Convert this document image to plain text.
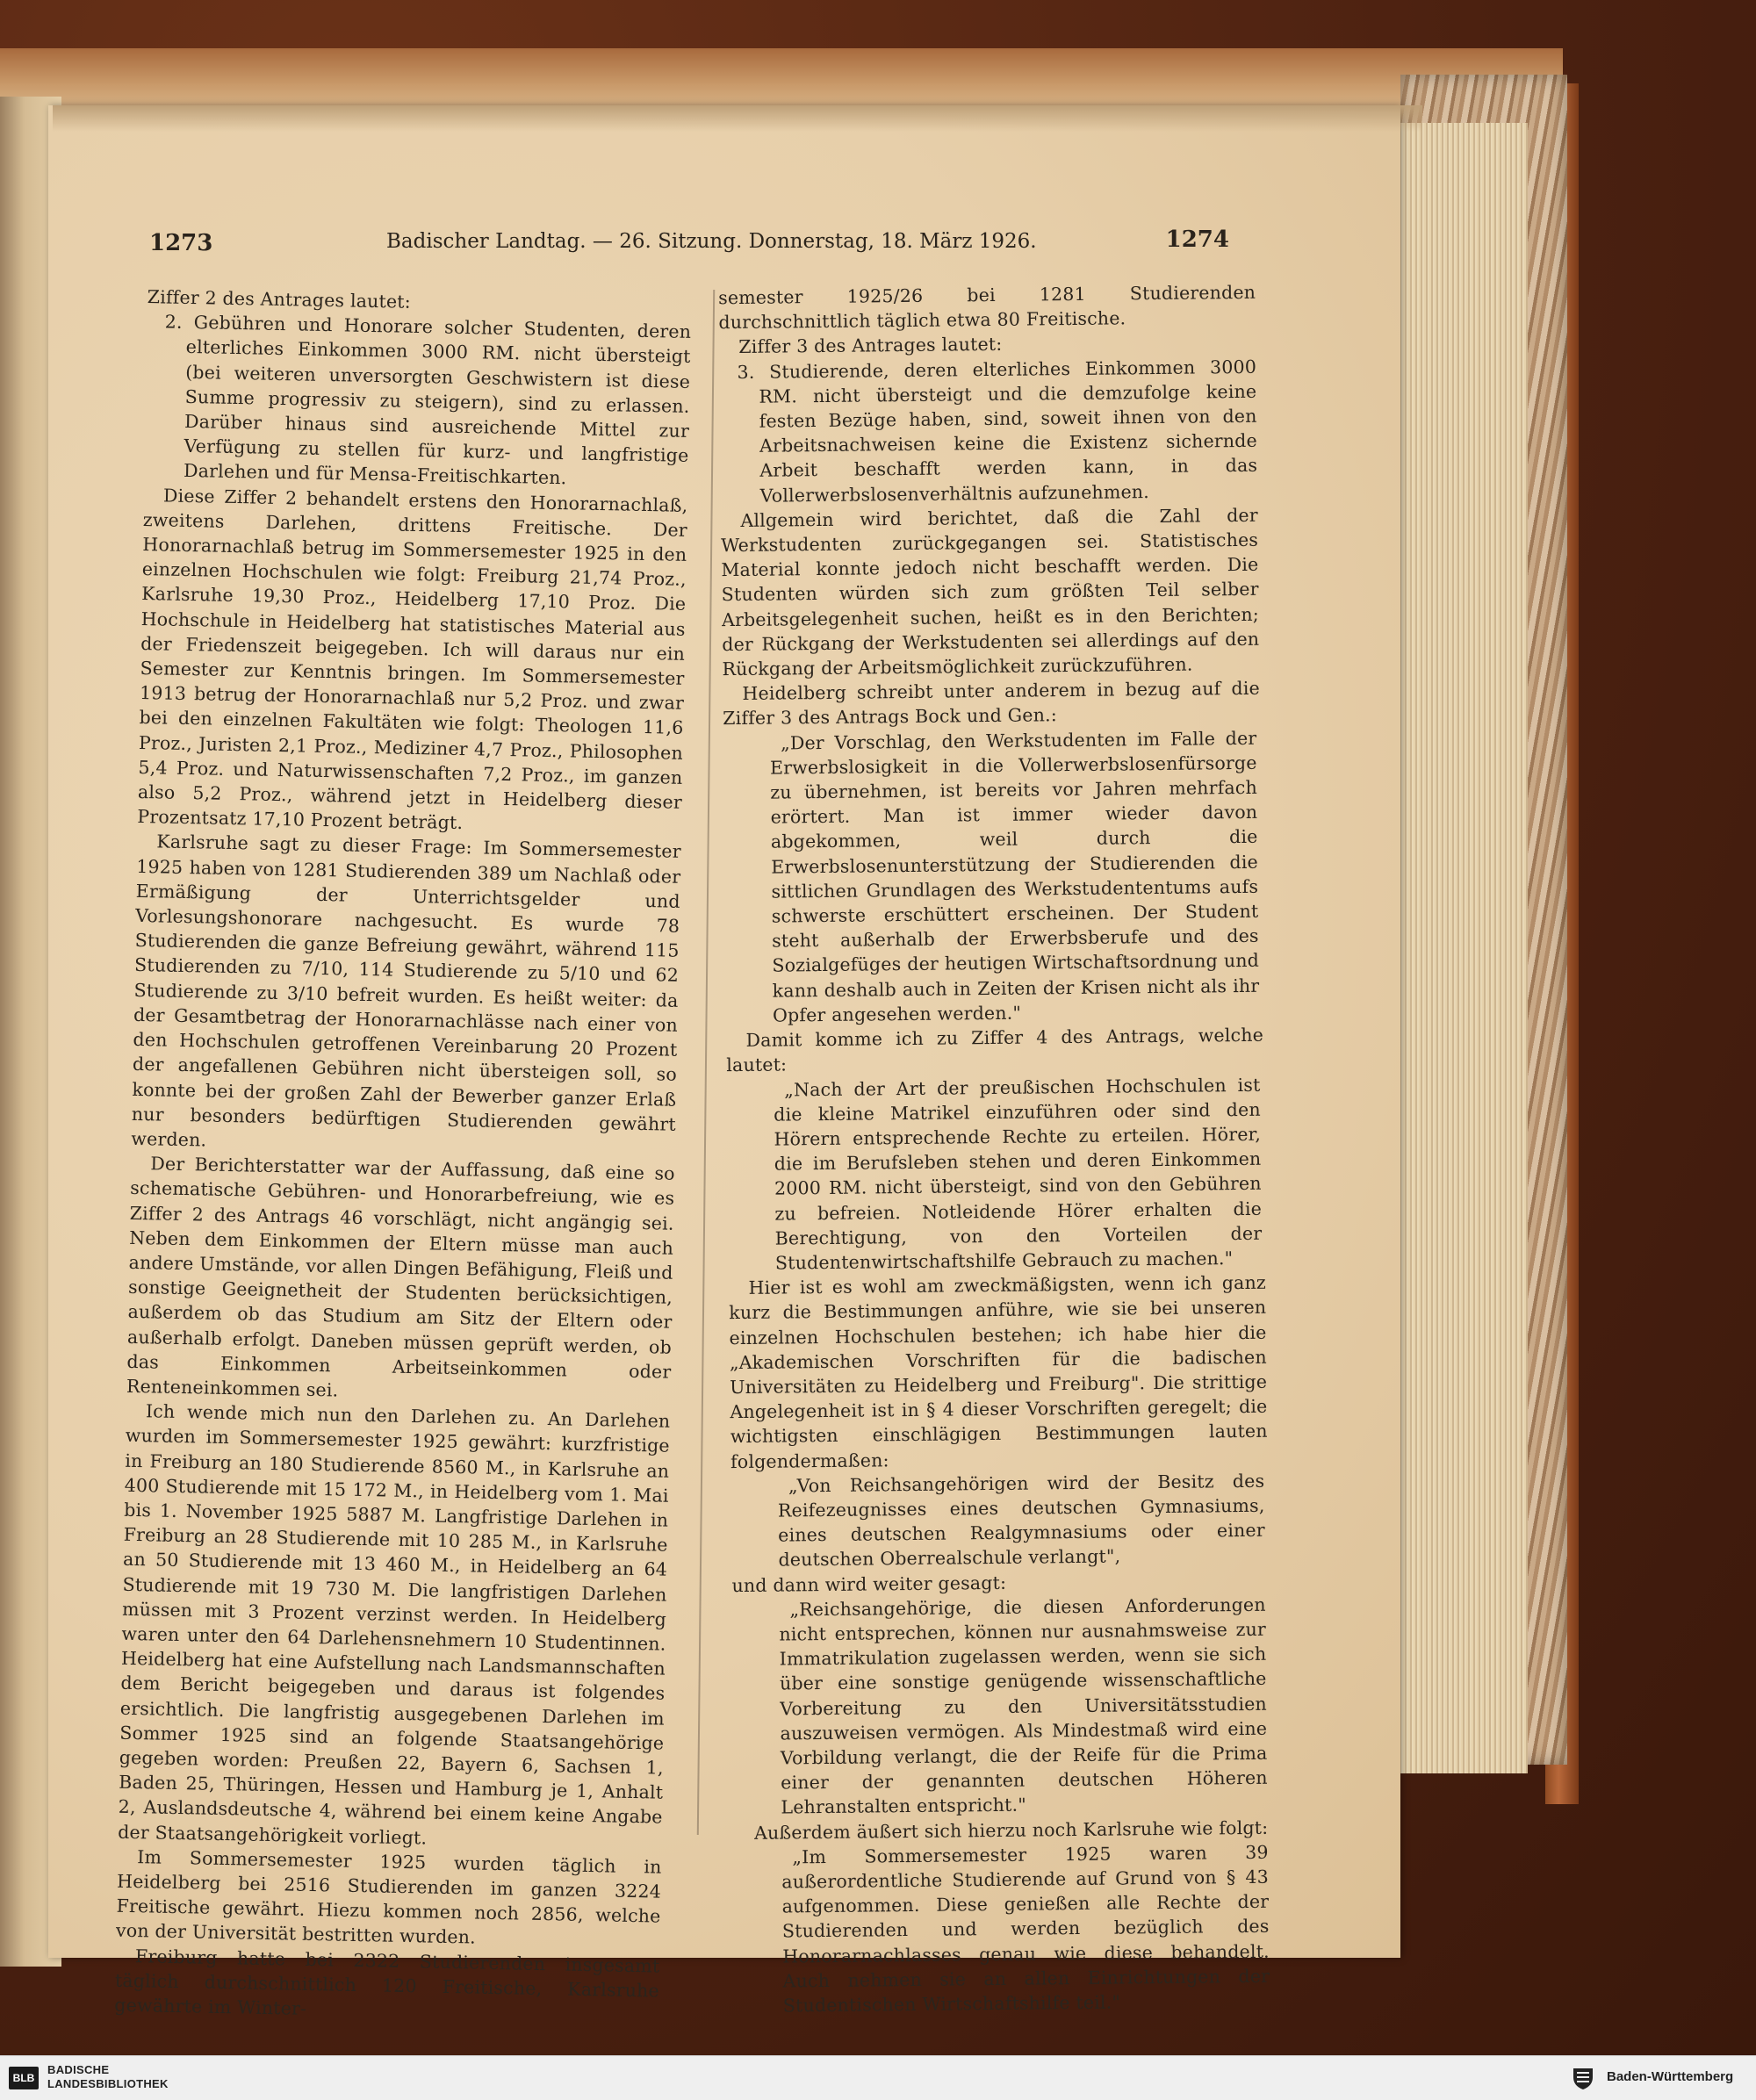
1273	Badischer Landtag. — 26. Sitzung. Donnerstag, 18. März 1926.	1274

Ziffer 2 des Antrages lautet:

2. Gebühren und Honorare solcher Studenten, deren elterliches Einkommen 3000 RM. nicht übersteigt (bei weiteren unversorgten Geschwistern ist diese Summe progressiv zu steigern), sind zu erlassen. Darüber hinaus sind ausreichende Mittel zur Verfügung zu stellen für kurz- und langfristige Darlehen und für Mensa-Freitischkarten.

Diese Ziffer 2 behandelt erstens den Honorarnachlaß, zweitens Darlehen, drittens Freitische. Der Honorarnachlaß betrug im Sommersemester 1925 in den einzelnen Hochschulen wie folgt: Freiburg 21,74 Proz., Karlsruhe 19,30 Proz., Heidelberg 17,10 Proz. Die Hochschule in Heidelberg hat statistisches Material aus der Friedenszeit beigegeben. Ich will daraus nur ein Semester zur Kenntnis bringen. Im Sommersemester 1913 betrug der Honorarnachlaß nur 5,2 Proz. und zwar bei den einzelnen Fakultäten wie folgt: Theologen 11,6 Proz., Juristen 2,1 Proz., Mediziner 4,7 Proz., Philosophen 5,4 Proz. und Naturwissenschaften 7,2 Proz., im ganzen also 5,2 Proz., während jetzt in Heidelberg dieser Prozentsatz 17,10 Prozent beträgt.

Karlsruhe sagt zu dieser Frage: Im Sommersemester 1925 haben von 1281 Studierenden 389 um Nachlaß oder Ermäßigung der Unterrichtsgelder und Vorlesungshonorare nachgesucht. Es wurde 78 Studierenden die ganze Befreiung gewährt, während 115 Studierenden zu 7/10, 114 Studierende zu 5/10 und 62 Studierende zu 3/10 befreit wurden. Es heißt weiter: da der Gesamtbetrag der Honorarnachlässe nach einer von den Hochschulen getroffenen Vereinbarung 20 Prozent der angefallenen Gebühren nicht übersteigen soll, so konnte bei der großen Zahl der Bewerber ganzer Erlaß nur besonders bedürftigen Studierenden gewährt werden.

Der Berichterstatter war der Auffassung, daß eine so schematische Gebühren- und Honorarbefreiung, wie es Ziffer 2 des Antrags 46 vorschlägt, nicht angängig sei. Neben dem Einkommen der Eltern müsse man auch andere Umstände, vor allen Dingen Befähigung, Fleiß und sonstige Geeignetheit der Studenten berücksichtigen, außerdem ob das Studium am Sitz der Eltern oder außerhalb erfolgt. Daneben müssen geprüft werden, ob das Einkommen Arbeitseinkommen oder Renteneinkommen sei.

Ich wende mich nun den Darlehen zu. An Darlehen wurden im Sommersemester 1925 gewährt: kurzfristige in Freiburg an 180 Studierende 8560 M., in Karlsruhe an 400 Studierende mit 15 172 M., in Heidelberg vom 1. Mai bis 1. November 1925 5887 M. Langfristige Darlehen in Freiburg an 28 Studierende mit 10 285 M., in Karlsruhe an 50 Studierende mit 13 460 M., in Heidelberg an 64 Studierende mit 19 730 M. Die langfristigen Darlehen müssen mit 3 Prozent verzinst werden. In Heidelberg waren unter den 64 Darlehensnehmern 10 Studentinnen. Heidelberg hat eine Aufstellung nach Landsmannschaften dem Bericht beigegeben und daraus ist folgendes ersichtlich. Die langfristig ausgegebenen Darlehen im Sommer 1925 sind an folgende Staatsangehörige gegeben worden: Preußen 22, Bayern 6, Sachsen 1, Baden 25, Thüringen, Hessen und Hamburg je 1, Anhalt 2, Auslandsdeutsche 4, während bei einem keine Angabe der Staatsangehörigkeit vorliegt.

Im Sommersemester 1925 wurden täglich in Heidelberg bei 2516 Studierenden im ganzen 3224 Freitische gewährt. Hiezu kommen noch 2856, welche von der Universität bestritten wurden.

Freiburg hatte bei 2322 Studierenden insgesamt täglich durchschnittlich 120 Freitische, Karlsruhe gewährte im Winter-

semester 1925/26 bei 1281 Studierenden durchschnittlich täglich etwa 80 Freitische.

Ziffer 3 des Antrages lautet:

3. Studierende, deren elterliches Einkommen 3000 RM. nicht übersteigt und die demzufolge keine festen Bezüge haben, sind, soweit ihnen von den Arbeitsnachweisen keine die Existenz sichernde Arbeit beschafft werden kann, in das Vollerwerbslosenverhältnis aufzunehmen.

Allgemein wird berichtet, daß die Zahl der Werkstudenten zurückgegangen sei. Statistisches Material konnte jedoch nicht beschafft werden. Die Studenten würden sich zum größten Teil selber Arbeitsgelegenheit suchen, heißt es in den Berichten; der Rückgang der Werkstudenten sei allerdings auf den Rückgang der Arbeitsmöglichkeit zurückzuführen.

Heidelberg schreibt unter anderem in bezug auf die Ziffer 3 des Antrags Bock und Gen.:

„Der Vorschlag, den Werkstudenten im Falle der Erwerbslosigkeit in die Vollerwerbslosenfürsorge zu übernehmen, ist bereits vor Jahren mehrfach erörtert. Man ist immer wieder davon abgekommen, weil durch die Erwerbslosenunterstützung der Studierenden die sittlichen Grundlagen des Werkstudententums aufs schwerste erschüttert erscheinen. Der Student steht außerhalb der Erwerbsberufe und des Sozialgefüges der heutigen Wirtschaftsordnung und kann deshalb auch in Zeiten der Krisen nicht als ihr Opfer angesehen werden."

Damit komme ich zu Ziffer 4 des Antrags, welche lautet:

„Nach der Art der preußischen Hochschulen ist die kleine Matrikel einzuführen oder sind den Hörern entsprechende Rechte zu erteilen. Hörer, die im Berufsleben stehen und deren Einkommen 2000 RM. nicht übersteigt, sind von den Gebühren zu befreien. Notleidende Hörer erhalten die Berechtigung, von den Vorteilen der Studentenwirtschaftshilfe Gebrauch zu machen."

Hier ist es wohl am zweckmäßigsten, wenn ich ganz kurz die Bestimmungen anführe, wie sie bei unseren einzelnen Hochschulen bestehen; ich habe hier die „Akademischen Vorschriften für die badischen Universitäten zu Heidelberg und Freiburg". Die strittige Angelegenheit ist in § 4 dieser Vorschriften geregelt; die wichtigsten einschlägigen Bestimmungen lauten folgendermaßen:

„Von Reichsangehörigen wird der Besitz des Reifezeugnisses eines deutschen Gymnasiums, eines deutschen Realgymnasiums oder einer deutschen Oberrealschule verlangt",

und dann wird weiter gesagt:

„Reichsangehörige, die diesen Anforderungen nicht entsprechen, können nur ausnahmsweise zur Immatrikulation zugelassen werden, wenn sie sich über eine sonstige genügende wissenschaftliche Vorbereitung zu den Universitätsstudien auszuweisen vermögen. Als Mindestmaß wird eine Vorbildung verlangt, die der Reife für die Prima einer der genannten deutschen Höheren Lehranstalten entspricht."

Außerdem äußert sich hierzu noch Karlsruhe wie folgt:

„Im Sommersemester 1925 waren 39 außerordentliche Studierende auf Grund von § 43 aufgenommen. Diese genießen alle Rechte der Studierenden und werden bezüglich des Honorarnachlasses genau wie diese behandelt. Auch nehmen sie an allen Einrichtungen der Studentischen Wirtschaftshilfe teil."

BLB
BADISCHE
LANDESBIBLIOTHEK	Baden-Württemberg
